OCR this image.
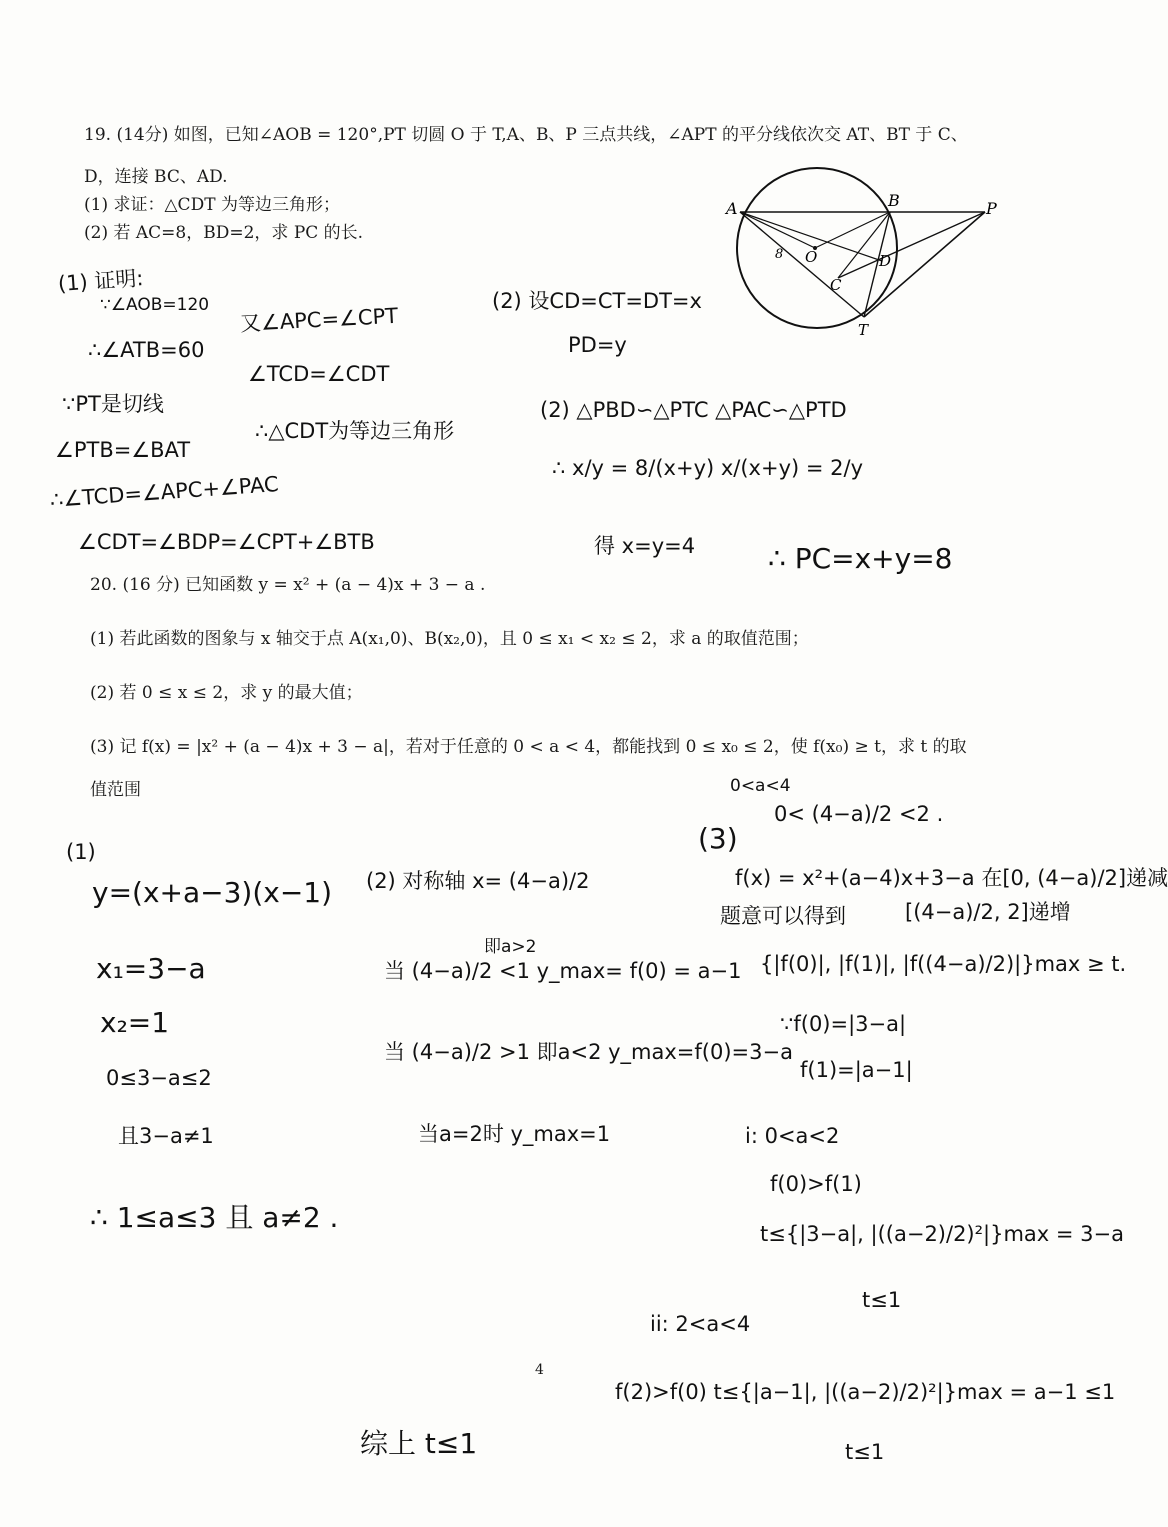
19. (14分) 如图，已知∠AOB = 120°,PT 切圆 O 于 T,A、B、P 三点共线，∠APT 的平分线依次交 AT、BT 于 C、
D，连接 BC、AD.
(1) 求证：△CDT 为等边三角形；
(2) 若 AC=8，BD=2，求 PC 的长.
A	B	P
O
C
D
T
8
(1) 证明:
∵∠AOB=120
∴∠ATB=60
∵PT是切线
∠PTB=∠BAT
∴∠TCD=∠APC+∠PAC
∠CDT=∠BDP=∠CPT+∠BTB
又∠APC=∠CPT
∠TCD=∠CDT
∴△CDT为等边三角形
(2) 设CD=CT=DT=x
PD=y
(2) △PBD∽△PTC △PAC∽△PTD
∴ x/y = 8/(x+y) x/(x+y) = 2/y
得 x=y=4	∴ PC=x+y=8
20. (16 分) 已知函数 y = x² + (a − 4)x + 3 − a .
(1) 若此函数的图象与 x 轴交于点 A(x₁,0)、B(x₂,0)，且 0 ≤ x₁ < x₂ ≤ 2，求 a 的取值范围；
(2) 若 0 ≤ x ≤ 2，求 y 的最大值；
(3) 记 f(x) = |x² + (a − 4)x + 3 − a|，若对于任意的 0 < a < 4，都能找到 0 ≤ x₀ ≤ 2，使 f(x₀) ≥ t，求 t 的取
值范围
(1)
y=(x+a−3)(x−1)
x₁=3−a
x₂=1
0≤3−a≤2
且3−a≠1
∴ 1≤a≤3 且 a≠2 .
(2) 对称轴 x= (4−a)/2
即a>2
当 (4−a)/2 <1 y_max= f(0) = a−1
当 (4−a)/2 >1 即a<2 y_max=f(0)=3−a
当a=2时 y_max=1
0<a<4
0< (4−a)/2 <2 .
(3)
f(x) = x²+(a−4)x+3−a 在[0, (4−a)/2]递减
题意可以得到	[(4−a)/2, 2]递增
{|f(0)|, |f(1)|, |f((4−a)/2)|}max ≥ t.
∵f(0)=|3−a|
f(1)=|a−1|
i: 0<a<2
f(0)>f(1)
t≤{|3−a|, |((a−2)/2)²|}max = 3−a
t≤1
ii: 2<a<4
f(2)>f(0) t≤{|a−1|, |((a−2)/2)²|}max = a−1 ≤1
t≤1
综上 t≤1
4
